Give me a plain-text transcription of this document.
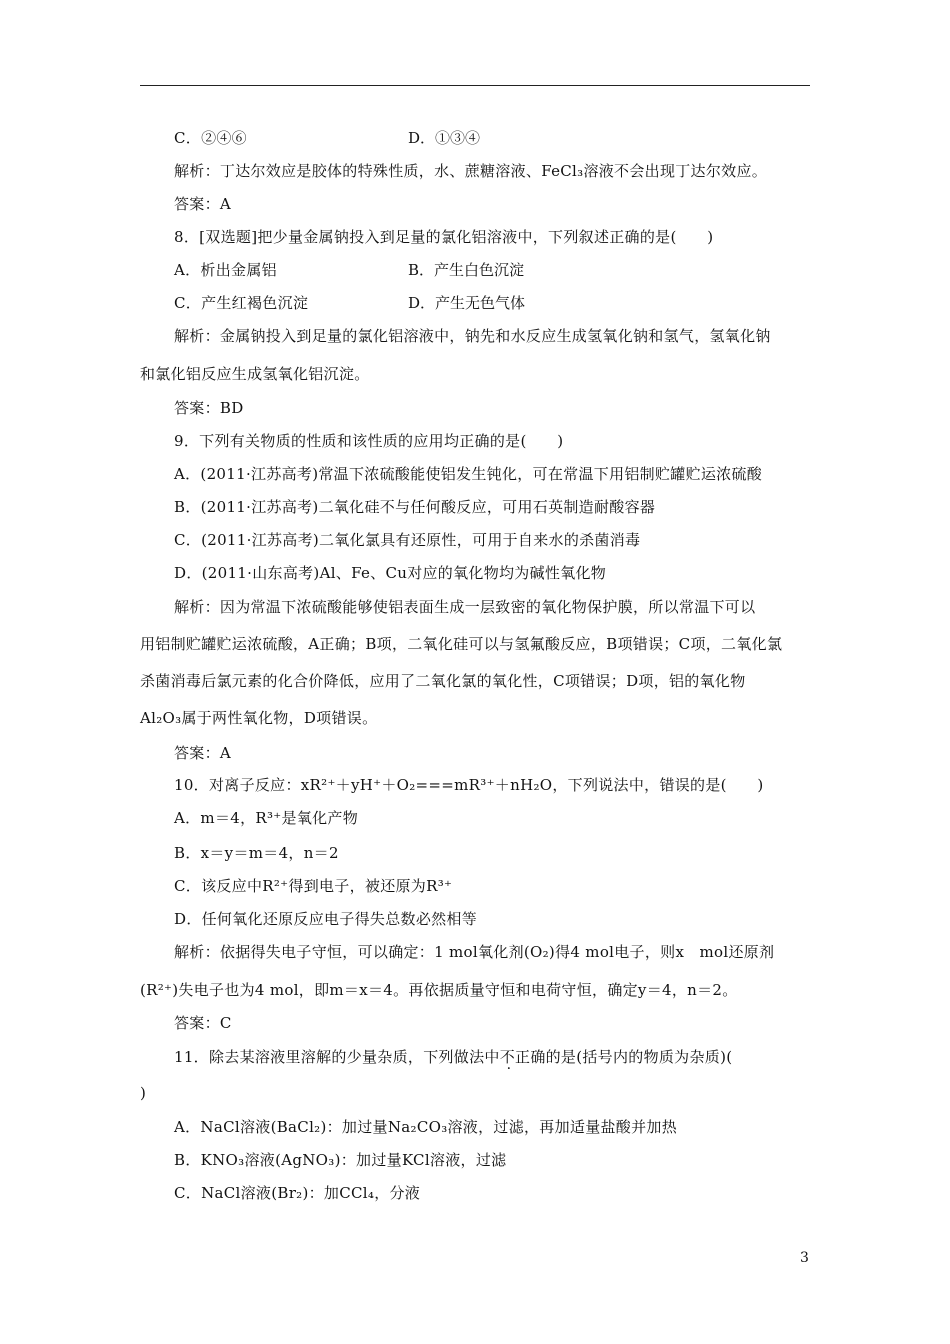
C．②④⑥	D．①③④
解析：丁达尔效应是胶体的特殊性质，水、蔗糖溶液、FeCl₃溶液不会出现丁达尔效应。
答案：A
8．[双选题]把少量金属钠投入到足量的氯化铝溶液中，下列叙述正确的是(　　)
A．析出金属铝	B．产生白色沉淀
C．产生红褐色沉淀	D．产生无色气体
解析：金属钠投入到足量的氯化铝溶液中，钠先和水反应生成氢氧化钠和氢气，氢氧化钠
和氯化铝反应生成氢氧化铝沉淀。
答案：BD
9．下列有关物质的性质和该性质的应用均正确的是(　　)
A．(2011·江苏高考)常温下浓硫酸能使铝发生钝化，可在常温下用铝制贮罐贮运浓硫酸
B．(2011·江苏高考)二氧化硅不与任何酸反应，可用石英制造耐酸容器
C．(2011·江苏高考)二氧化氯具有还原性，可用于自来水的杀菌消毒
D．(2011·山东高考)Al、Fe、Cu对应的氧化物均为碱性氧化物
解析：因为常温下浓硫酸能够使铝表面生成一层致密的氧化物保护膜，所以常温下可以
用铝制贮罐贮运浓硫酸，A正确；B项，二氧化硅可以与氢氟酸反应，B项错误；C项，二氧化氯
杀菌消毒后氯元素的化合价降低，应用了二氧化氯的氧化性，C项错误；D项，铝的氧化物
Al₂O₃属于两性氧化物，D项错误。
答案：A
10．对离子反应：xR²⁺＋yH⁺＋O₂===mR³⁺＋nH₂O，下列说法中，错误的是(　　)
A．m＝4，R³⁺是氧化产物
B．x＝y＝m＝4，n＝2
C．该反应中R²⁺得到电子，被还原为R³⁺
D．任何氧化还原反应电子得失总数必然相等
解析：依据得失电子守恒，可以确定：1 mol氧化剂(O₂)得4 mol电子，则x　mol还原剂
(R²⁺)失电子也为4 mol，即m＝x＝4。再依据质量守恒和电荷守恒，确定y＝4，n＝2。
答案：C
11．除去某溶液里溶解的少量杂质，下列做法中不正确的是(括号内的物质为杂质)(
)
A．NaCl溶液(BaCl₂)：加过量Na₂CO₃溶液，过滤，再加适量盐酸并加热
B．KNO₃溶液(AgNO₃)：加过量KCl溶液，过滤
C．NaCl溶液(Br₂)：加CCl₄，分液
3
